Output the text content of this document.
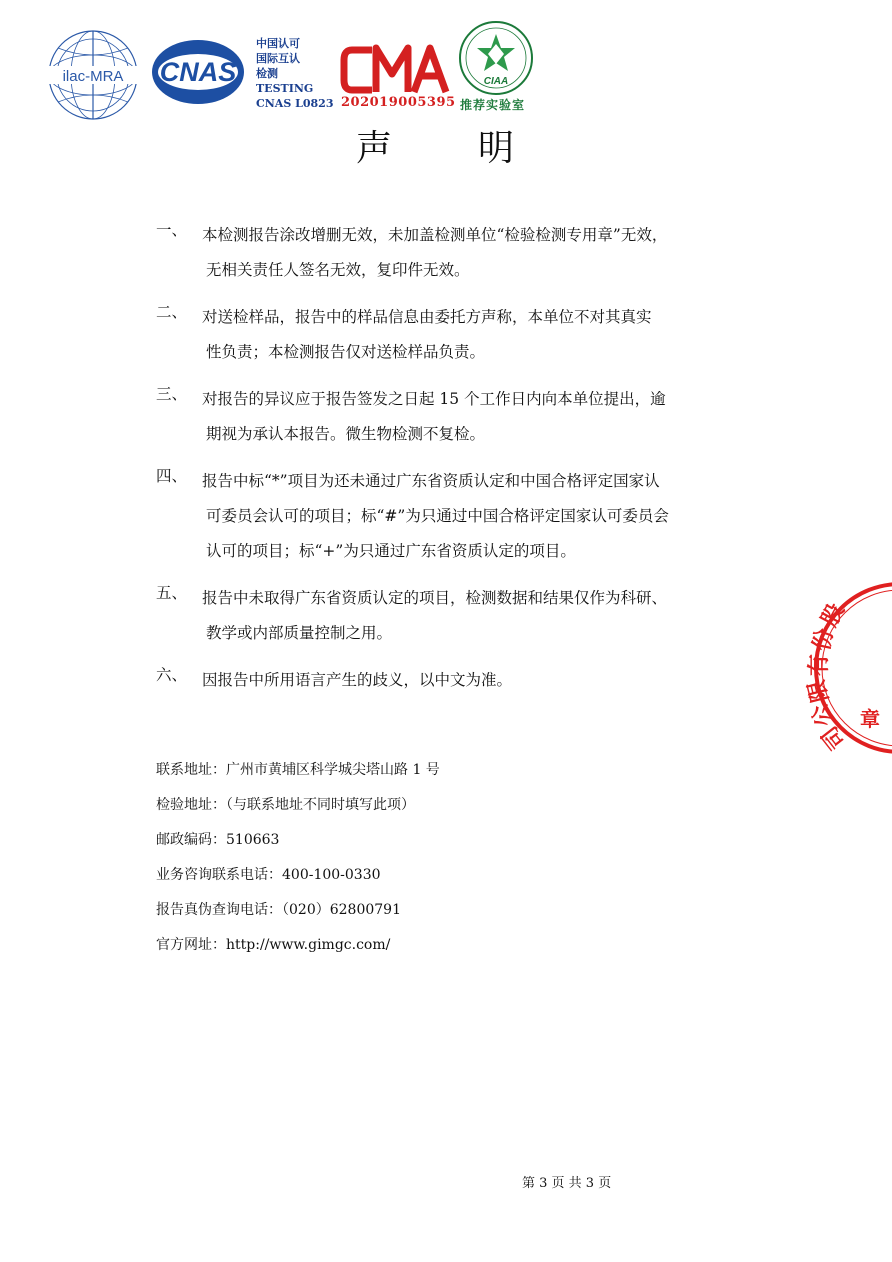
ilac-MRA CNAS
中国认可
国际互认
检测
TESTING
CNAS L0823 202019005395
CIAA
推荐实验室
声 明
一、 本检测报告涂改增删无效，未加盖检测单位“检验检测专用章”无效，
无相关责任人签名无效，复印件无效。
二、 对送检样品，报告中的样品信息由委托方声称，本单位不对其真实
性负责；本检测报告仅对送检样品负责。
三、 对报告的异议应于报告签发之日起 15 个工作日内向本单位提出，逾
期视为承认本报告。微生物检测不复检。
四、 报告中标“*”项目为还未通过广东省资质认定和中国合格评定国家认
可委员会认可的项目；标“#”为只通过中国合格评定国家认可委员会
认可的项目；标“+”为只通过广东省资质认定的项目。
五、 报告中未取得广东省资质认定的项目，检测数据和结果仅作为科研、
教学或内部质量控制之用。
六、 因报告中所用语言产生的歧义，以中文为准。
联系地址：广州市黄埔区科学城尖塔山路 1 号
检验地址：（与联系地址不同时填写此项）
邮政编码：510663
业务咨询联系电话：400-100-0330
报告真伪查询电话：（020）62800791
官方网址：http://www.gimgc.com/
第 3 页 共 3 页
股
份
有
限
公
司
章
